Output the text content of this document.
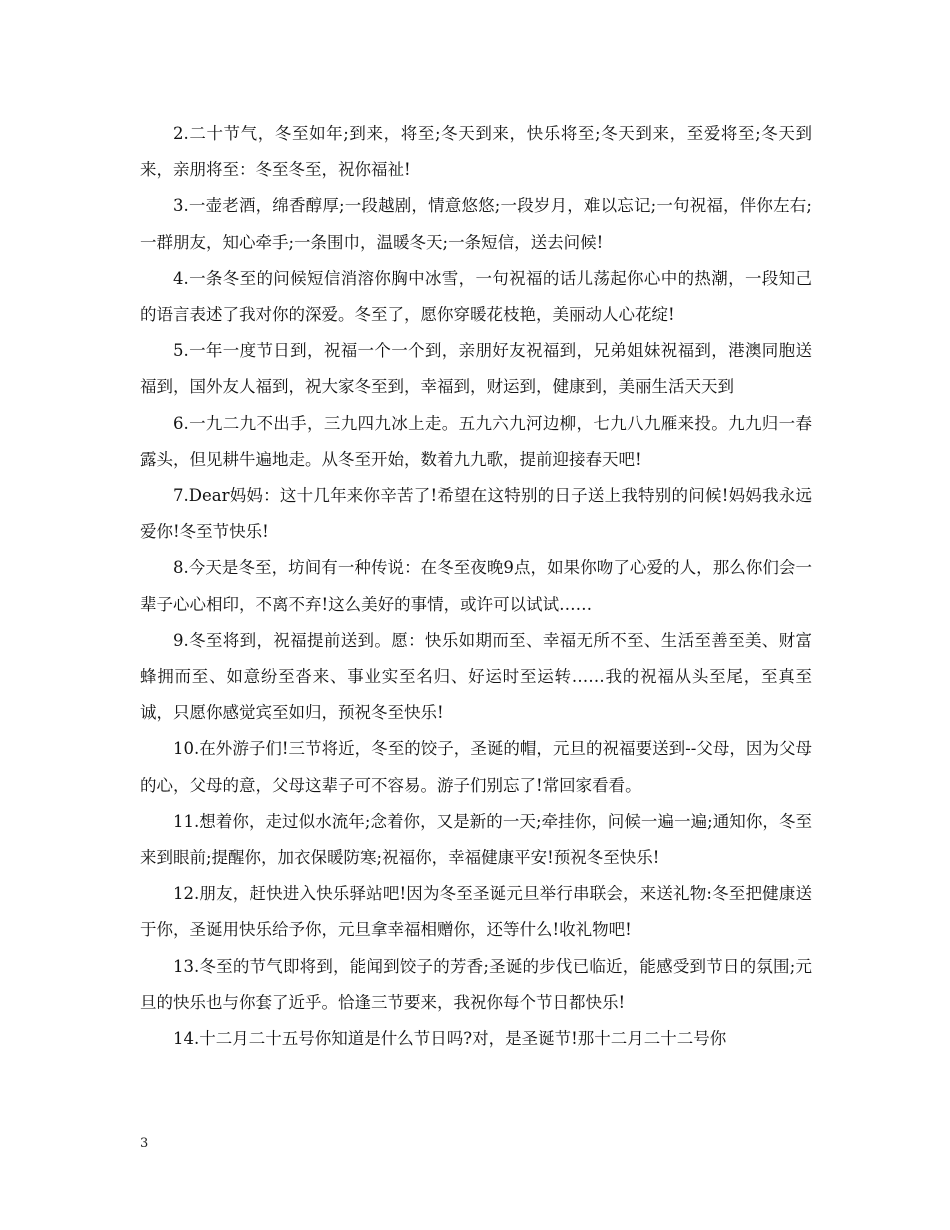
2.二十节气，冬至如年;到来，将至;冬天到来，快乐将至;冬天到来，至爱将至;冬天到来，亲朋将至：冬至冬至，祝你福祉!

3.一壶老酒，绵香醇厚;一段越剧，情意悠悠;一段岁月，难以忘记;一句祝福，伴你左右;一群朋友，知心牵手;一条围巾，温暖冬天;一条短信，送去问候!

4.一条冬至的问候短信消溶你胸中冰雪，一句祝福的话儿荡起你心中的热潮，一段知己的语言表述了我对你的深爱。冬至了，愿你穿暖花枝艳，美丽动人心花绽!

5.一年一度节日到，祝福一个一个到，亲朋好友祝福到，兄弟姐妹祝福到，港澳同胞送福到，国外友人福到，祝大家冬至到，幸福到，财运到，健康到，美丽生活天天到

6.一九二九不出手，三九四九冰上走。五九六九河边柳，七九八九雁来投。九九归一春露头，但见耕牛遍地走。从冬至开始，数着九九歌，提前迎接春天吧!

7.Dear妈妈：这十几年来你辛苦了!希望在这特别的日子送上我特别的问候!妈妈我永远爱你!冬至节快乐!

8.今天是冬至，坊间有一种传说：在冬至夜晚9点，如果你吻了心爱的人，那么你们会一辈子心心相印，不离不弃!这么美好的事情，或许可以试试……

9.冬至将到，祝福提前送到。愿：快乐如期而至、幸福无所不至、生活至善至美、财富蜂拥而至、如意纷至沓来、事业实至名归、好运时至运转……我的祝福从头至尾，至真至诚，只愿你感觉宾至如归，预祝冬至快乐!

10.在外游子们!三节将近，冬至的饺子，圣诞的帽，元旦的祝福要送到--父母，因为父母的心，父母的意，父母这辈子可不容易。游子们别忘了!常回家看看。

11.想着你，走过似水流年;念着你，又是新的一天;牵挂你，问候一遍一遍;通知你，冬至来到眼前;提醒你，加衣保暖防寒;祝福你，幸福健康平安!预祝冬至快乐!

12.朋友，赶快进入快乐驿站吧!因为冬至圣诞元旦举行串联会，来送礼物:冬至把健康送于你，圣诞用快乐给予你，元旦拿幸福相赠你，还等什么!收礼物吧!

13.冬至的节气即将到，能闻到饺子的芳香;圣诞的步伐已临近，能感受到节日的氛围;元旦的快乐也与你套了近乎。恰逢三节要来，我祝你每个节日都快乐!

14.十二月二十五号你知道是什么节日吗?对，是圣诞节!那十二月二十二号你

3
